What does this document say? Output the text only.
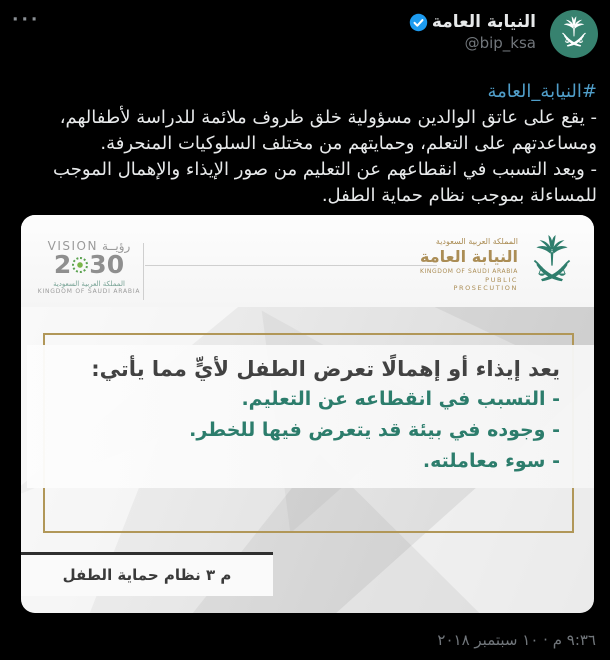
···	النيابة العامة
@bip_ksa
#النيابة_العامة
- يقع على عاتق الوالدين مسؤولية خلق ظروف ملائمة للدراسة لأطفالهم،
ومساعدتهم على التعلم، وحمايتهم من مختلف السلوكيات المنحرفة.
- ويعد التسبب في انقطاعهم عن التعليم من صور الإيذاء والإهمال الموجب
للمساءلة بموجب نظام حماية الطفل.
VISION رؤيــة
2 30
المملكة العربية السعودية
KINGDOM OF SAUDI ARABIA
المملكة العربية السعودية
النيابة العامة
KINGDOM OF SAUDI ARABIA
PUBLIC PROSECUTION
يعد إيذاء أو إهمالًا تعرض الطفل لأيٍّ مما يأتي:
- التسبب في انقطاعه عن التعليم.
- وجوده في بيئة قد يتعرض فيها للخطر.
- سوء معاملته.
م ٣ نظام حماية الطفل
٩:٣٦ م · ١٠ سبتمبر ٢٠١٨
